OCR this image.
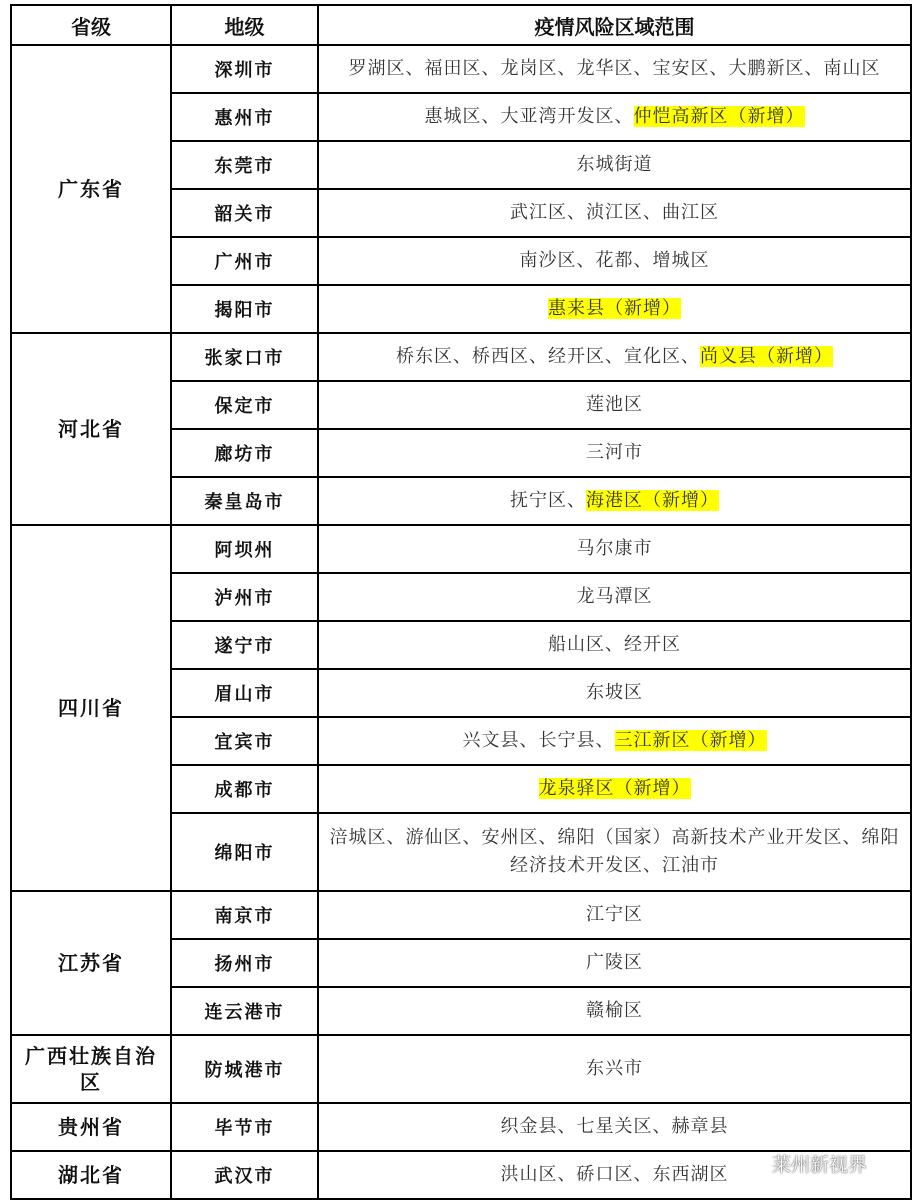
省级	地级	疫情风险区域范围
广东省	深圳市	罗湖区、福田区、龙岗区、龙华区、宝安区、大鹏新区、南山区
	惠州市	惠城区、大亚湾开发区、仲恺高新区（新增）
	东莞市	东城街道
	韶关市	武江区、浈江区、曲江区
	广州市	南沙区、花都、增城区
	揭阳市	惠来县（新增）
河北省	张家口市	桥东区、桥西区、经开区、宣化区、尚义县（新增）
	保定市	莲池区
	廊坊市	三河市
	秦皇岛市	抚宁区、海港区（新增）
四川省	阿坝州	马尔康市
	泸州市	龙马潭区
	遂宁市	船山区、经开区
	眉山市	东坡区
	宜宾市	兴文县、长宁县、三江新区（新增）
	成都市	龙泉驿区（新增）
	绵阳市	涪城区、游仙区、安州区、绵阳（国家）高新技术产业开发区、绵阳经济技术开发区、江油市
江苏省	南京市	江宁区
	扬州市	广陵区
	连云港市	赣榆区
广西壮族自治区	防城港市	东兴市
贵州省	毕节市	织金县、七星关区、赫章县
湖北省	武汉市	洪山区、硚口区、东西湖区 莱州新视界
